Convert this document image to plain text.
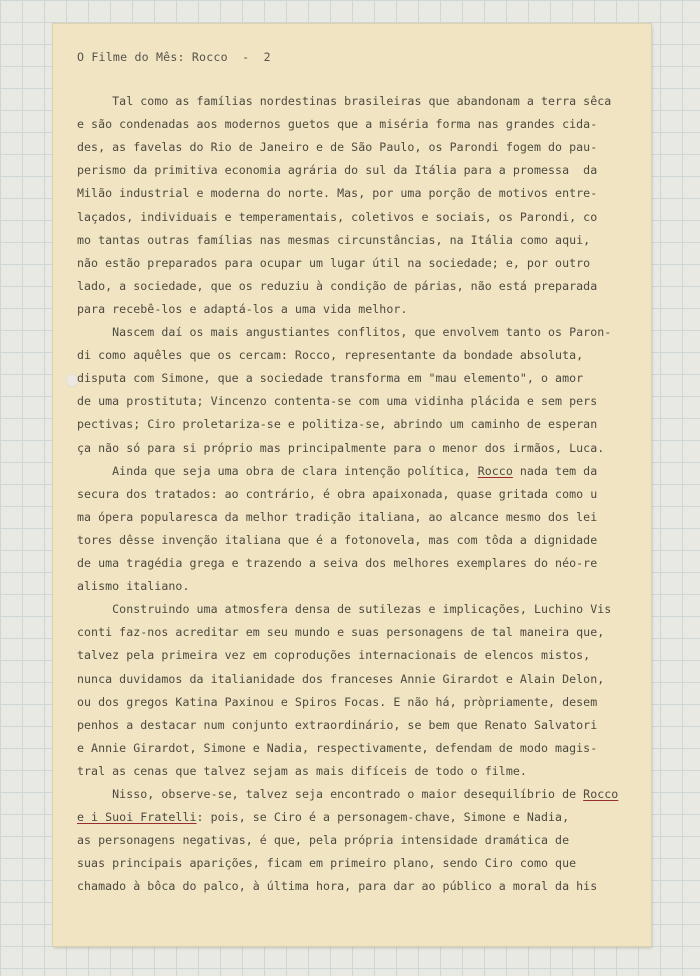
O Filme do Mês: Rocco  -  2
Tal como as famílias nordestinas brasileiras que abandonam a terra sêca
e são condenadas aos modernos guetos que a miséria forma nas grandes cida-
des, as favelas do Rio de Janeiro e de São Paulo, os Parondi fogem do pau-
perismo da primitiva economia agrária do sul da Itália para a promessa  da
Milão industrial e moderna do norte. Mas, por uma porção de motivos entre-
laçados, individuais e temperamentais, coletivos e sociais, os Parondi, co
mo tantas outras famílias nas mesmas circunstâncias, na Itália como aqui,
não estão preparados para ocupar um lugar útil na sociedade; e, por outro
lado, a sociedade, que os reduziu à condição de párias, não está preparada
para recebê-los e adaptá-los a uma vida melhor.
Nascem daí os mais angustiantes conflitos, que envolvem tanto os Paron-
di como aquêles que os cercam: Rocco, representante da bondade absoluta,
disputa com Simone, que a sociedade transforma em "mau elemento", o amor
de uma prostituta; Vincenzo contenta-se com uma vidinha plácida e sem pers
pectivas; Ciro proletariza-se e politiza-se, abrindo um caminho de esperan
ça não só para si próprio mas principalmente para o menor dos irmãos, Luca.
Ainda que seja uma obra de clara intenção política, Rocco nada tem da
secura dos tratados: ao contrário, é obra apaixonada, quase gritada como u
ma ópera popularesca da melhor tradição italiana, ao alcance mesmo dos lei
tores dêsse invenção italiana que é a fotonovela, mas com tôda a dignidade
de uma tragédia grega e trazendo a seiva dos melhores exemplares do néo-re
alismo italiano.
Construindo uma atmosfera densa de sutilezas e implicações, Luchino Vis
conti faz-nos acreditar em seu mundo e suas personagens de tal maneira que,
talvez pela primeira vez em coproduções internacionais de elencos mistos,
nunca duvidamos da italianidade dos franceses Annie Girardot e Alain Delon,
ou dos gregos Katina Paxinou e Spiros Focas. E não há, pròpriamente, desem
penhos a destacar num conjunto extraordinário, se bem que Renato Salvatori
e Annie Girardot, Simone e Nadia, respectivamente, defendam de modo magis-
tral as cenas que talvez sejam as mais difíceis de todo o filme.
Nisso, observe-se, talvez seja encontrado o maior desequilíbrio de Rocco
e i Suoi Fratelli: pois, se Ciro é a personagem-chave, Simone e Nadia,
as personagens negativas, é que, pela própria intensidade dramática de
suas principais aparições, ficam em primeiro plano, sendo Ciro como que
chamado à bôca do palco, à última hora, para dar ao público a moral da his
